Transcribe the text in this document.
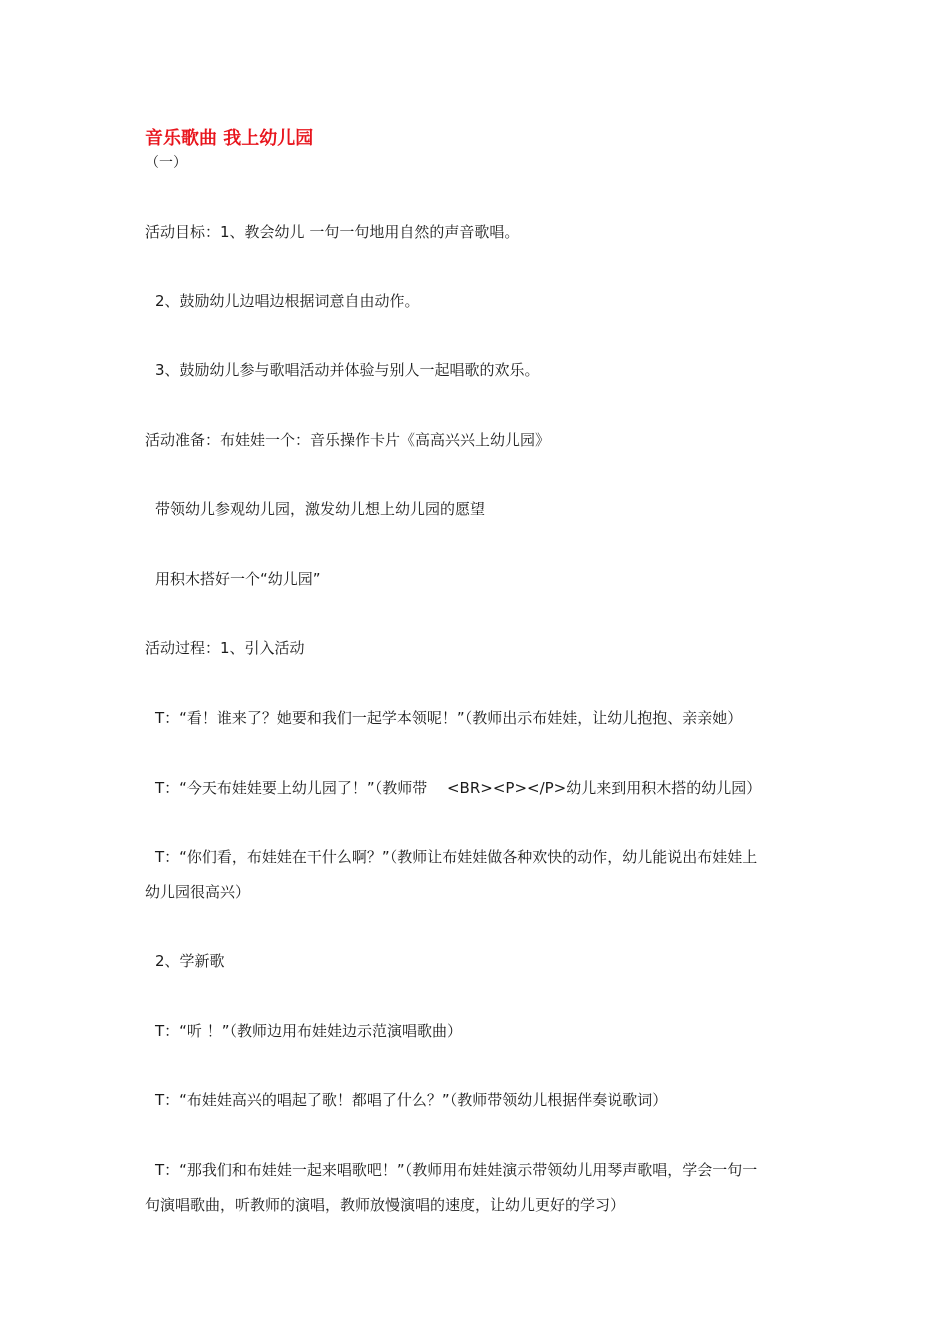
音乐歌曲 我上幼儿园
（一）
活动目标：1、教会幼儿 一句一句地用自然的声音歌唱。
2、鼓励幼儿边唱边根据词意自由动作。
3、鼓励幼儿参与歌唱活动并体验与别人一起唱歌的欢乐。
活动准备：布娃娃一个：音乐操作卡片《高高兴兴上幼儿园》
带领幼儿参观幼儿园，激发幼儿想上幼儿园的愿望
用积木搭好一个“幼儿园”
活动过程：1、引入活动
T：“看！谁来了？她要和我们一起学本领呢！”（教师出示布娃娃，让幼儿抱抱、亲亲她）
T：“今天布娃娃要上幼儿园了！”（教师带　 <BR><P></P>幼儿来到用积木搭的幼儿园）
T：“你们看，布娃娃在干什么啊？”（教师让布娃娃做各种欢快的动作，幼儿能说出布娃娃上
幼儿园很高兴）
2、学新歌
T：“听 ！”（教师边用布娃娃边示范演唱歌曲）
T：“布娃娃高兴的唱起了歌！都唱了什么？”（教师带领幼儿根据伴奏说歌词）
T：“那我们和布娃娃一起来唱歌吧！”（教师用布娃娃演示带领幼儿用琴声歌唱，学会一句一
句演唱歌曲，听教师的演唱，教师放慢演唱的速度，让幼儿更好的学习）
